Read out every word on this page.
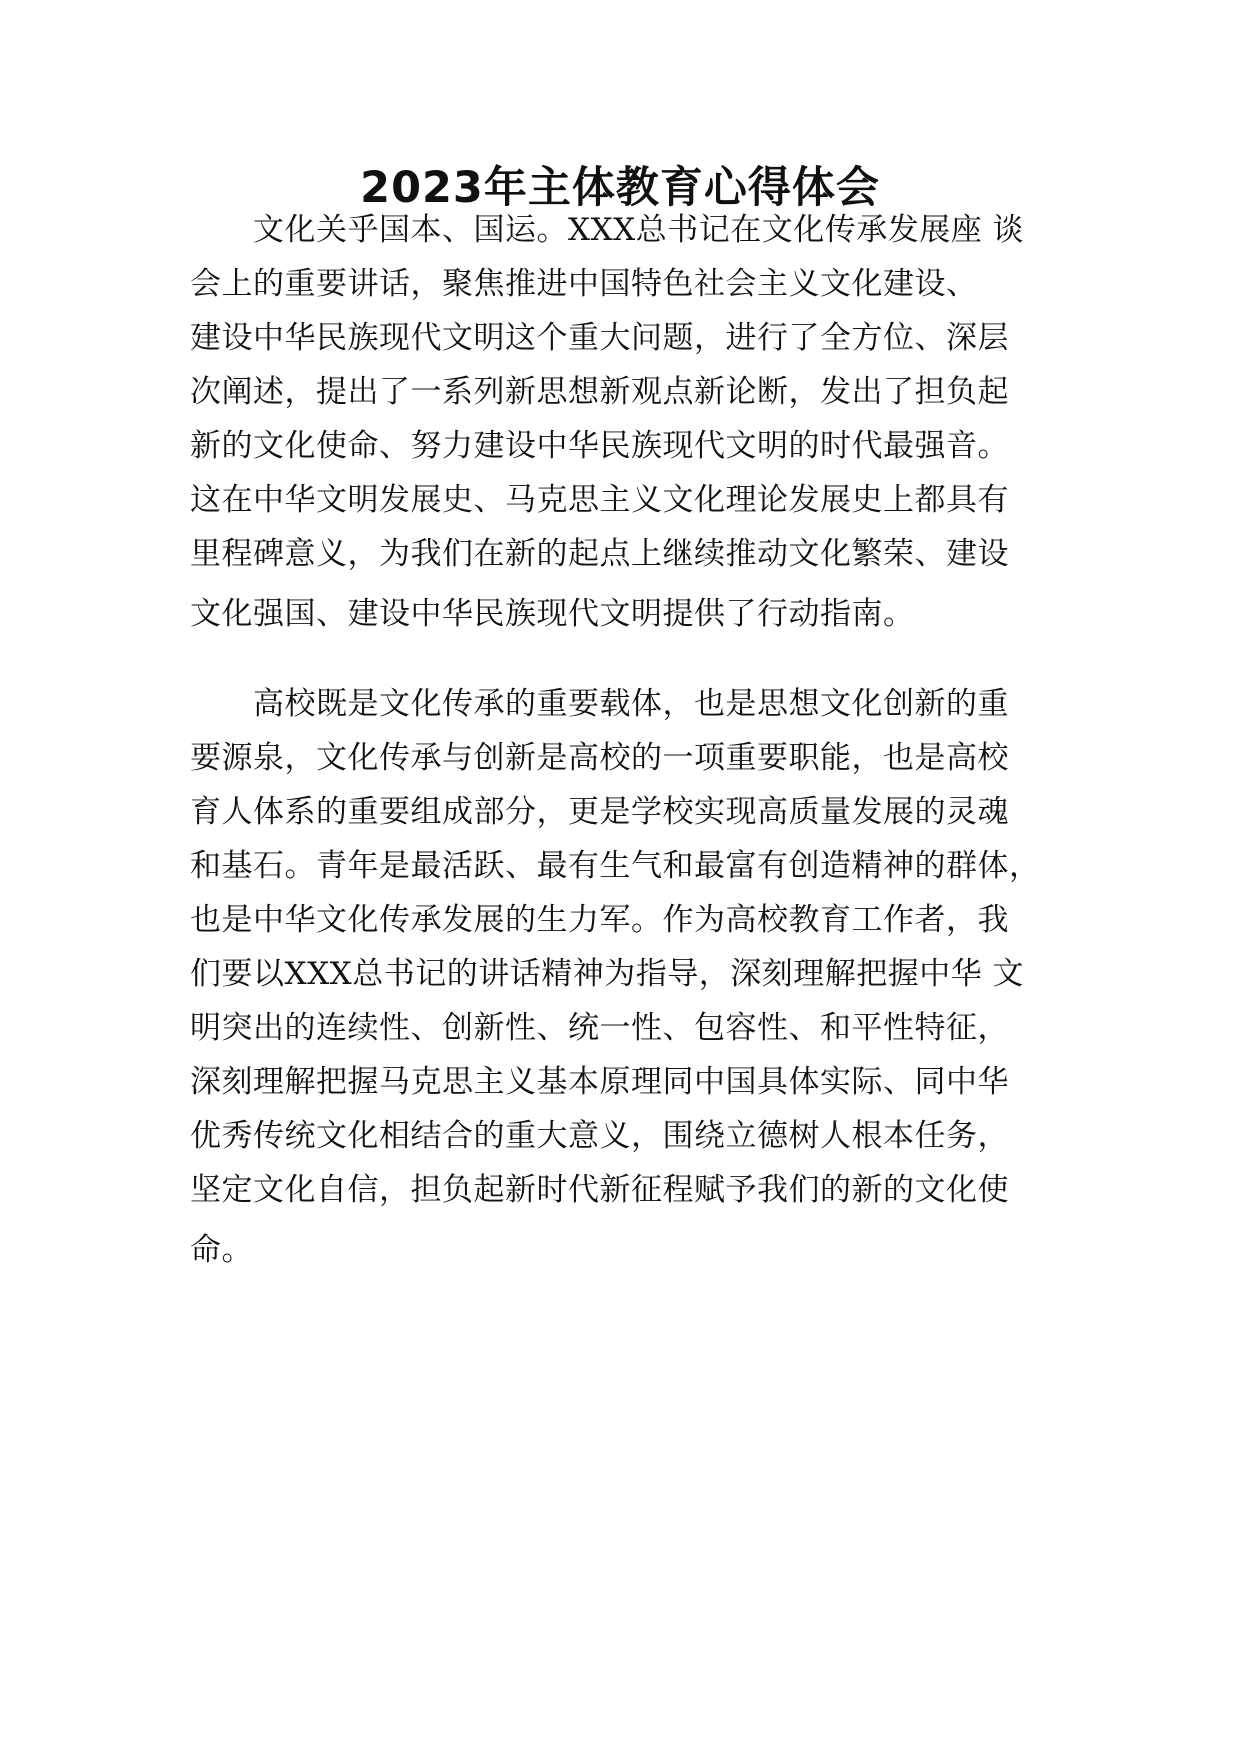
2023年主体教育心得体会

　　文化关乎国本、国运。XXX总书记在文化传承发展座 谈

会上的重要讲话，聚焦推进中国特色社会主义文化建设、

建设中华民族现代文明这个重大问题，进行了全方位、深层

次阐述，提出了一系列新思想新观点新论断，发出了担负起

新的文化使命、努力建设中华民族现代文明的时代最强音。

这在中华文明发展史、马克思主义文化理论发展史上都具有

里程碑意义，为我们在新的起点上继续推动文化繁荣、建设

文化强国、建设中华民族现代文明提供了行动指南。

　　高校既是文化传承的重要载体，也是思想文化创新的重

要源泉，文化传承与创新是高校的一项重要职能，也是高校

育人体系的重要组成部分，更是学校实现高质量发展的灵魂

和基石。青年是最活跃、最有生气和最富有创造精神的群体，

也是中华文化传承发展的生力军。作为高校教育工作者，我

们要以XXX总书记的讲话精神为指导，深刻理解把握中华 文

明突出的连续性、创新性、统一性、包容性、和平性特征，

深刻理解把握马克思主义基本原理同中国具体实际、同中华

优秀传统文化相结合的重大意义，围绕立德树人根本任务，

坚定文化自信，担负起新时代新征程赋予我们的新的文化使

命。
